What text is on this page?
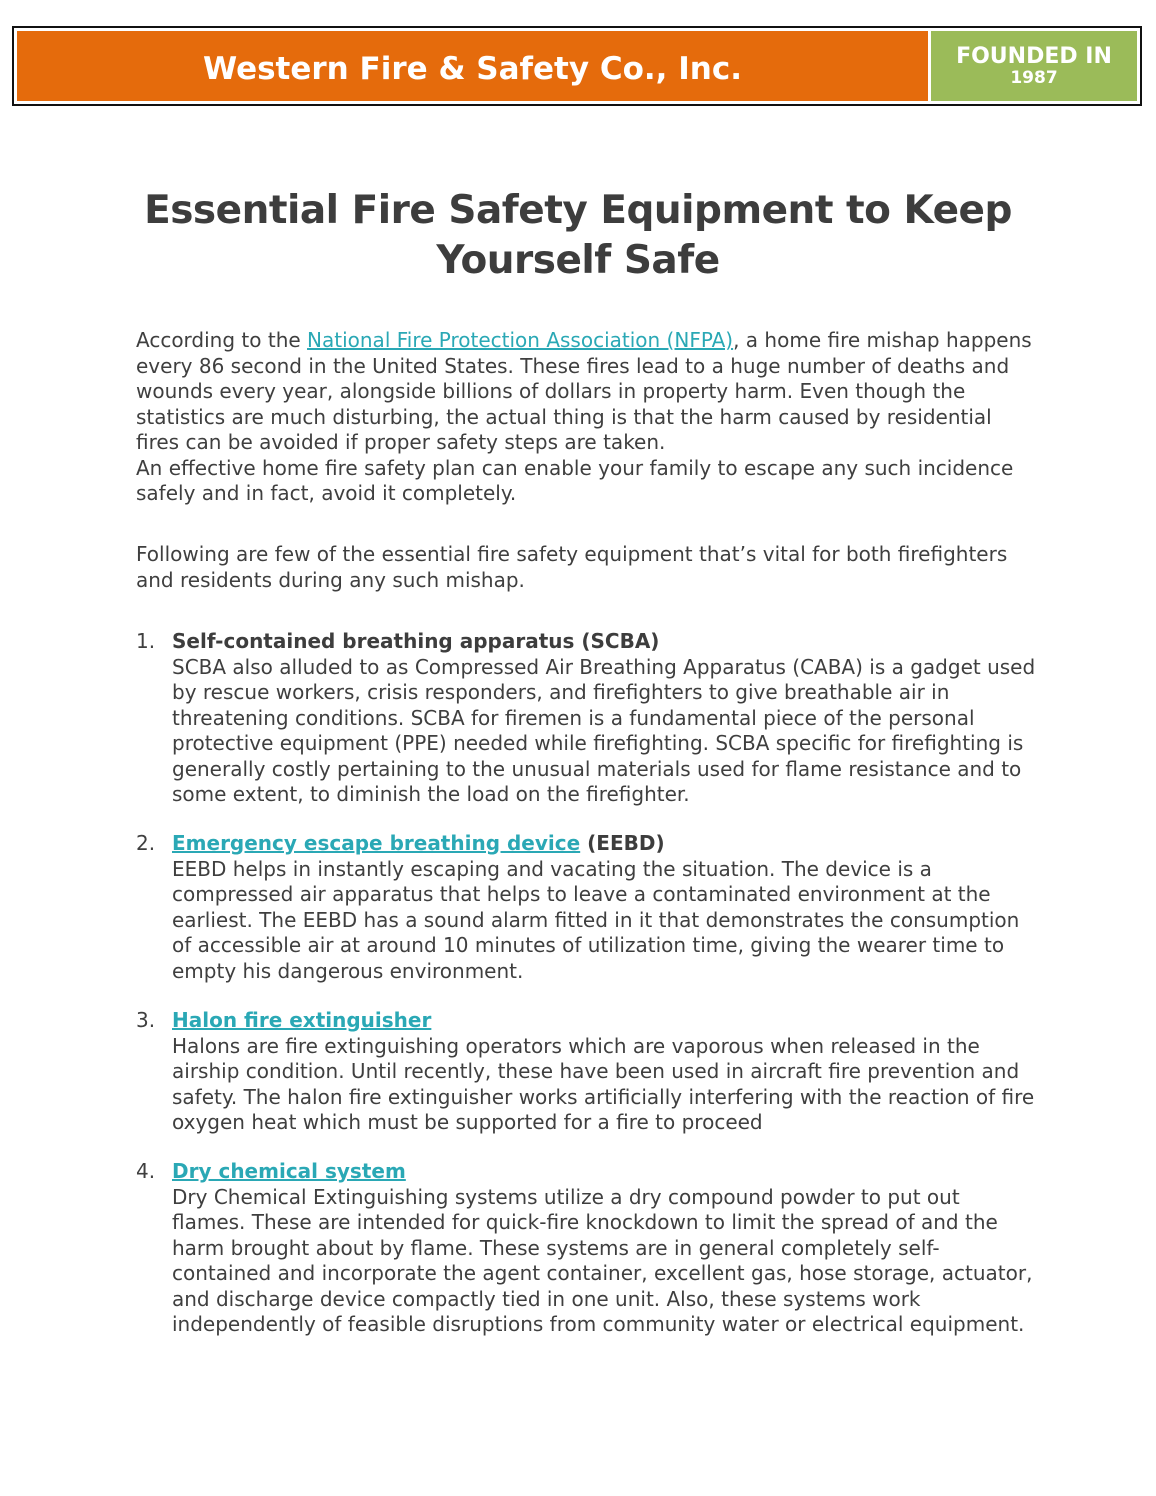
Western Fire & Safety Co., Inc.	FOUNDED IN
1987
Essential Fire Safety Equipment to Keep
Yourself Safe

According to the National Fire Protection Association (NFPA), a home fire mishap happens every 86 second in the United States. These fires lead to a huge number of deaths and wounds every year, alongside billions of dollars in property harm. Even though the statistics are much disturbing, the actual thing is that the harm caused by residential fires can be avoided if proper safety steps are taken.
An effective home fire safety plan can enable your family to escape any such incidence safely and in fact, avoid it completely.

Following are few of the essential fire safety equipment that’s vital for both firefighters and residents during any such mishap.

1. Self-contained breathing apparatus (SCBA)
SCBA also alluded to as Compressed Air Breathing Apparatus (CABA) is a gadget used by rescue workers, crisis responders, and firefighters to give breathable air in threatening conditions. SCBA for firemen is a fundamental piece of the personal protective equipment (PPE) needed while firefighting. SCBA specific for firefighting is generally costly pertaining to the unusual materials used for flame resistance and to some extent, to diminish the load on the firefighter.
2. Emergency escape breathing device (EEBD)
EEBD helps in instantly escaping and vacating the situation. The device is a compressed air apparatus that helps to leave a contaminated environment at the earliest. The EEBD has a sound alarm fitted in it that demonstrates the consumption of accessible air at around 10 minutes of utilization time, giving the wearer time to empty his dangerous environment.
3. Halon fire extinguisher
Halons are fire extinguishing operators which are vaporous when released in the airship condition. Until recently, these have been used in aircraft fire prevention and safety. The halon fire extinguisher works artificially interfering with the reaction of fire oxygen heat which must be supported for a fire to proceed
4. Dry chemical system
Dry Chemical Extinguishing systems utilize a dry compound powder to put out flames. These are intended for quick-fire knockdown to limit the spread of and the harm brought about by flame. These systems are in general completely self-contained and incorporate the agent container, excellent gas, hose storage, actuator, and discharge device compactly tied in one unit. Also, these systems work independently of feasible disruptions from community water or electrical equipment.
